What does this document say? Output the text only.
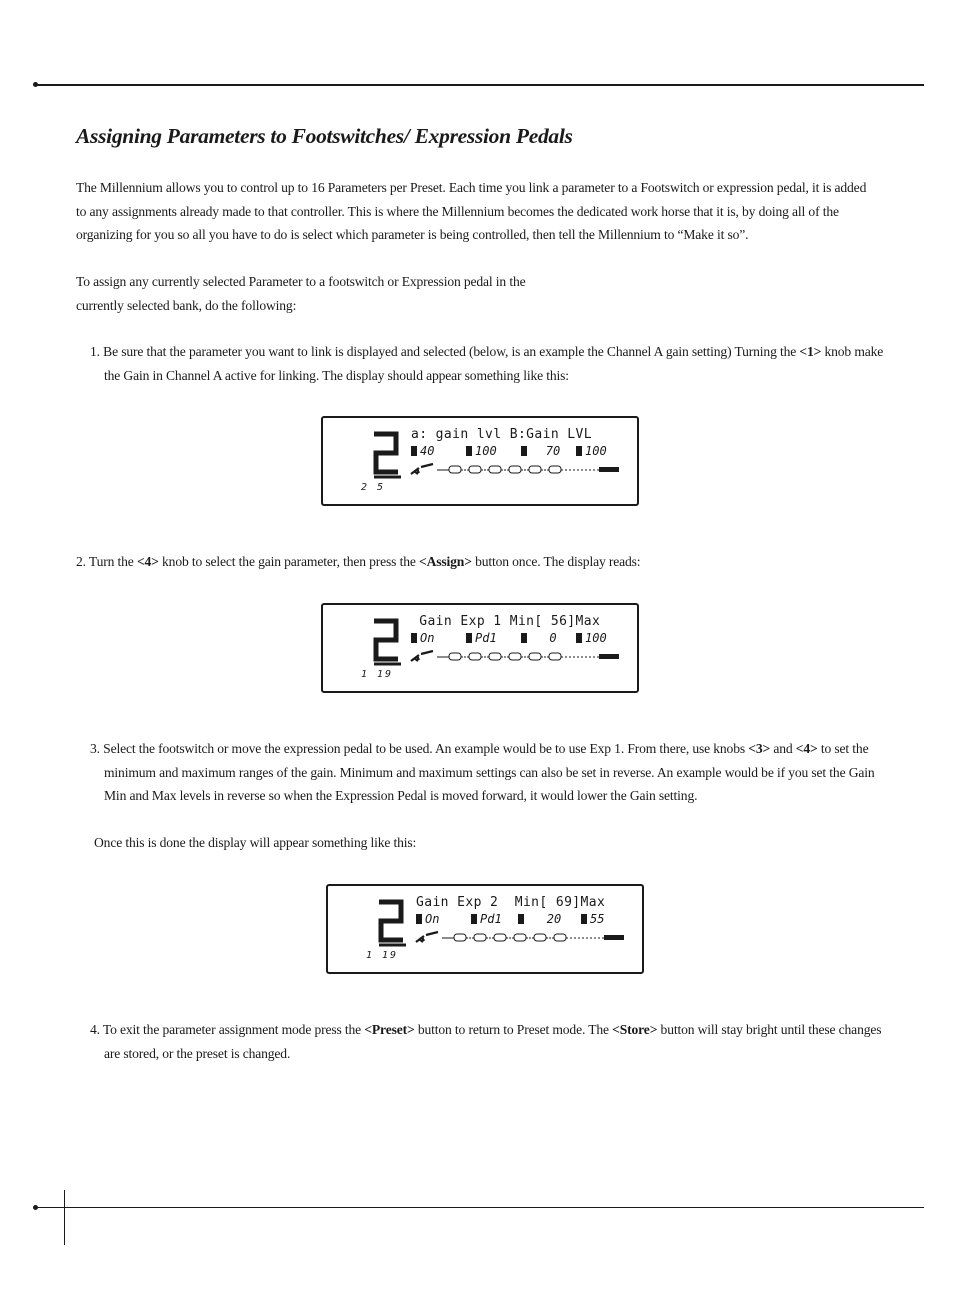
Assigning Parameters to Footswitches/ Expression Pedals

The Millennium allows you to control up to 16 Parameters per Preset. Each time you link a parameter to a Footswitch or expression pedal, it is added to any assignments already made to that controller. This is where the Millennium becomes the dedicated work horse that it is, by doing all of the organizing for you so all you have to do is select which parameter is being controlled, then tell the Millennium to “Make it so”.

To assign any currently selected Parameter to a footswitch or Expression pedal in the
currently selected bank, do the following:

1. Be sure that the parameter you want to link is displayed and selected (below, is an example the Channel A gain setting) Turning the <1> knob make the Gain in Channel A active for linking. The display should appear something like this:

2 5
a: gain lvl B:Gain LVL
40	100	70 100

2. Turn the <4> knob to select the gain parameter, then press the <Assign> button once. The display reads:

1 19
Gain Exp 1 Min[ 56]Max
On	Pd1	0 100

3. Select the footswitch or move the expression pedal to be used. An example would be to use Exp 1. From there, use knobs <3> and <4> to set the minimum and maximum ranges of the gain. Minimum and maximum settings can also be set in reverse. An example would be if you set the Gain Min and Max levels in reverse so when the Expression Pedal is moved forward, it would lower the Gain setting.

Once this is done the display will appear something like this:

1 19
Gain Exp 2  Min[ 69]Max
On	Pd1	20 55

4. To exit the parameter assignment mode press the <Preset> button to return to Preset mode. The <Store> button will stay bright until these changes are stored, or the preset is changed.
